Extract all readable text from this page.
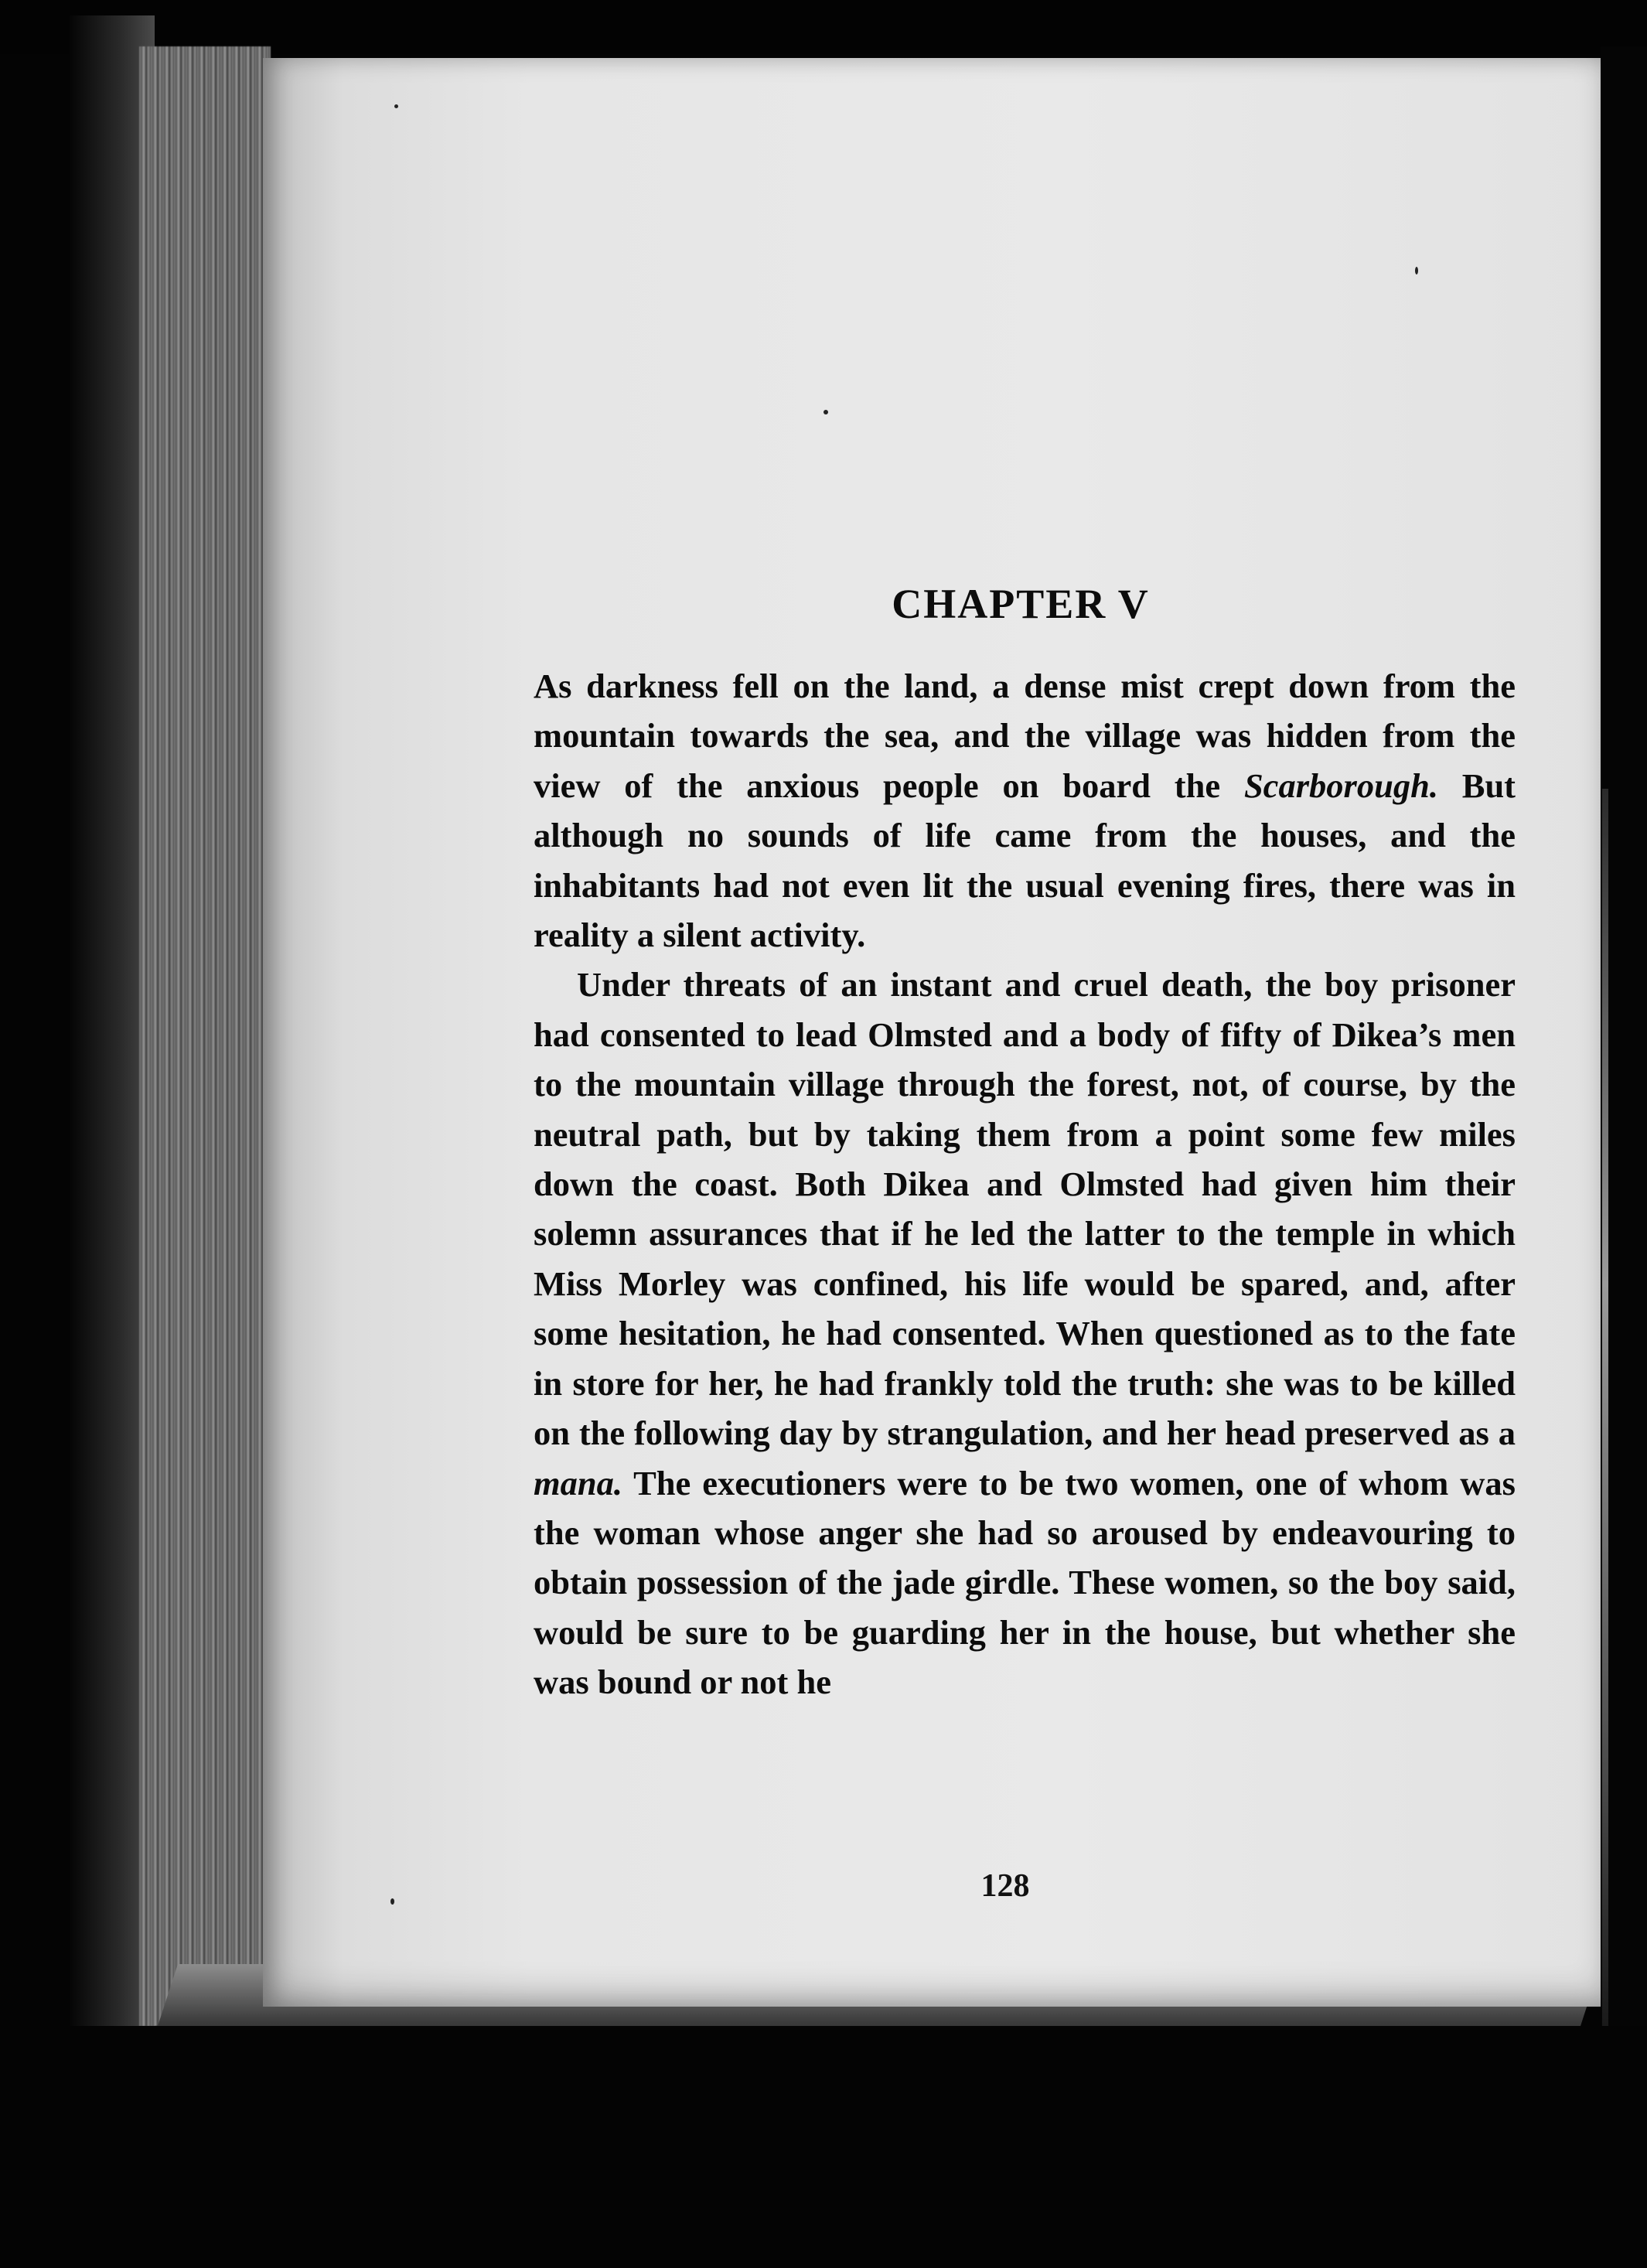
CHAPTER V

As darkness fell on the land, a dense mist crept down from the mountain towards the sea, and the village was hidden from the view of the anxious people on board the Scarborough. But although no sounds of life came from the houses, and the inhabitants had not even lit the usual evening fires, there was in reality a silent activity.

Under threats of an instant and cruel death, the boy prisoner had consented to lead Olmsted and a body of fifty of Dikea’s men to the mountain village through the forest, not, of course, by the neutral path, but by taking them from a point some few miles down the coast. Both Dikea and Olmsted had given him their solemn assurances that if he led the latter to the temple in which Miss Morley was confined, his life would be spared, and, after some hesitation, he had consented. When questioned as to the fate in store for her, he had frankly told the truth: she was to be killed on the following day by strangulation, and her head preserved as a mana. The executioners were to be two women, one of whom was the woman whose anger she had so aroused by endeavouring to obtain possession of the jade girdle. These women, so the boy said, would be sure to be guarding her in the house, but whether she was bound or not he

128
